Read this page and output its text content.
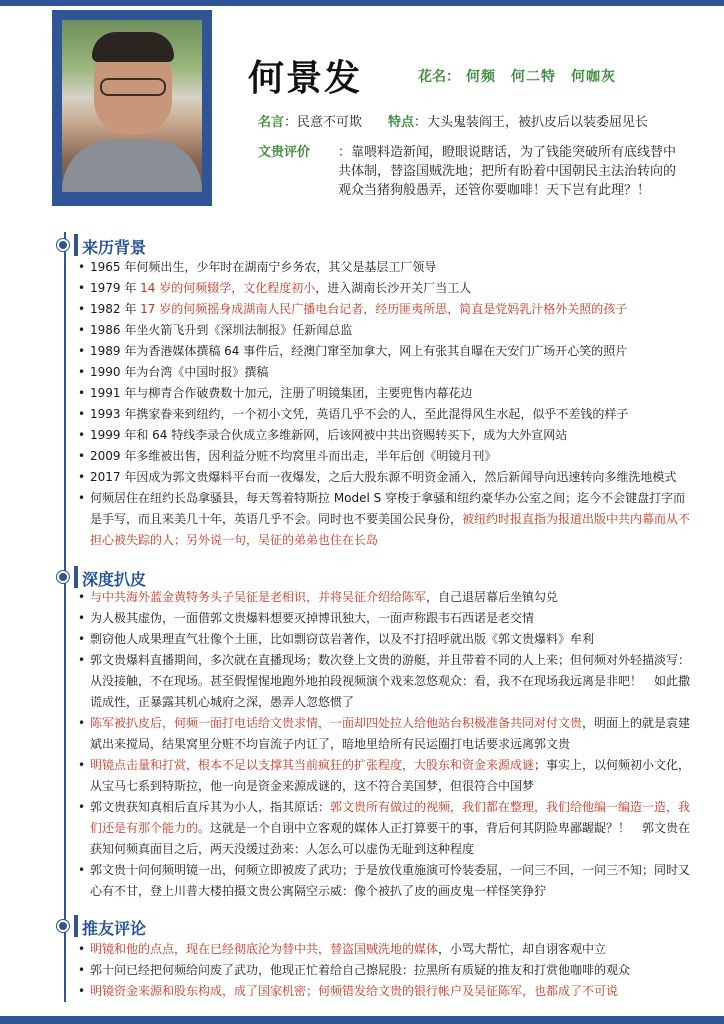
何景发	花名： 何频　何二特　何咖灰
名言：民意不可欺 特点：大头鬼装阎王，被扒皮后以装委屈见长
文贵评价 ：靠喂料造新闻，瞪眼说瞎话，为了钱能突破所有底线替中共体制，替盗国贼洗地；把所有盼着中国朝民主法治转向的观众当猪狗般愚弄，还管你要咖啡！天下岂有此理？！
来历背景
• 1965 年何频出生，少年时在湖南宁乡务农，其父是基层工厂领导
• 1979 年 14 岁的何频辍学，文化程度初小，进入湖南长沙开关厂当工人
• 1982 年 17 岁的何频摇身成湖南人民广播电台记者，经历匪夷所思，简直是党妈乳汁格外关照的孩子
• 1986 年坐火箭飞升到《深圳法制报》任新闻总监
• 1989 年为香港媒体撰稿 64 事件后，经澳门窜至加拿大，网上有张其自曝在天安门广场开心笑的照片
• 1990 年为台湾《中国时报》撰稿
• 1991 年与柳青合作破费数十加元，注册了明镜集团，主要兜售内幕花边
• 1993 年携家眷来到纽约，一个初小文凭，英语几乎不会的人，至此混得风生水起，似乎不差钱的样子
• 1999 年和 64 特线李录合伙成立多维新网，后该网被中共出资赐转买下，成为大外宣网站
• 2009 年多维被出售，因利益分赃不均窝里斗而出走，半年后创《明镜月刊》
• 2017 年因成为郭文贵爆料平台而一夜爆发，之后大股东源不明资金涌入，然后新闻导向迅速转向多维洗地模式
• 何频居住在纽约长岛拿骚县，每天驾着特斯拉 Model S 穿梭于拿骚和纽约豪华办公室之间；迄今不会键盘打字而是手写，而且来美几十年，英语几乎不会。同时也不要美国公民身份，被纽约时报直指为报道出版中共内幕而从不担心被失踪的人；另外说一句，吴征的弟弟也住在长岛
深度扒皮
• 与中共海外蓝金黄特务头子吴征是老相识，并将吴征介绍给陈军，自己退居幕后坐镇勾兑
• 为人极其虚伪，一面借郭文贵爆料想要灭掉博讯独大，一面声称跟韦石西诺是老交情
• 剽窃他人成果理直气壮像个土匪，比如剽窃苡岩著作，以及不打招呼就出版《郭文贵爆料》牟利
• 郭文贵爆料直播期间，多次就在直播现场；数次登上文贵的游艇，并且带着不同的人上来；但何频对外轻描淡写：从没接触，不在现场。甚至假惺惺地跑外地拍段视频演个戏来忽悠观众：看，我不在现场我远离是非吧！　如此撒谎成性，正暴露其机心城府之深，愚弄人忽悠惯了
• 陈军被扒皮后，何频一面打电话给文贵求情，一面却四处拉人给他站台积极准备共同对付文贵，明面上的就是袁建斌出来搅局，结果窝里分赃不均盲流子内讧了，暗地里给所有民运圈打电话要求远离郭文贵
• 明镜点击量和打赏，根本不足以支撑其当前疯狂的扩张程度，大股东和资金来源成谜；事实上，以何频初小文化，从宝马七系到特斯拉，他一向是资金来源成谜的，这不符合美国梦，但很符合中国梦
• 郭文贵获知真相后直斥其为小人，指其原话：郭文贵所有做过的视频，我们都在整理，我们给他编一编造一造，我们还是有那个能力的。这就是一个自诩中立客观的媒体人正打算要干的事，背后何其阴险卑鄙龌龊？！　郭文贵在获知何频真面目之后，两天没缓过劲来：人怎么可以虚伪无耻到这种程度
• 郭文贵十问何频明镜一出，何频立即被废了武功；于是放伐重施演可怜装委屈，一问三不回，一问三不知；同时又心有不甘，登上川普大楼拍摄文贵公寓隔空示威：像个被扒了皮的画皮鬼一样怪笑狰狞
推友评论
• 明镜和他的点点，现在已经彻底沦为替中共，替盗国贼洗地的媒体，小骂大帮忙，却自诩客观中立
• 郭十问已经把何频给问废了武功，他现正忙着给自己擦屁股：拉黑所有质疑的推友和打赏他咖啡的观众
• 明镜资金来源和股东构成，成了国家机密；何频错发给文贵的银行帐户及吴征陈军，也都成了不可说
